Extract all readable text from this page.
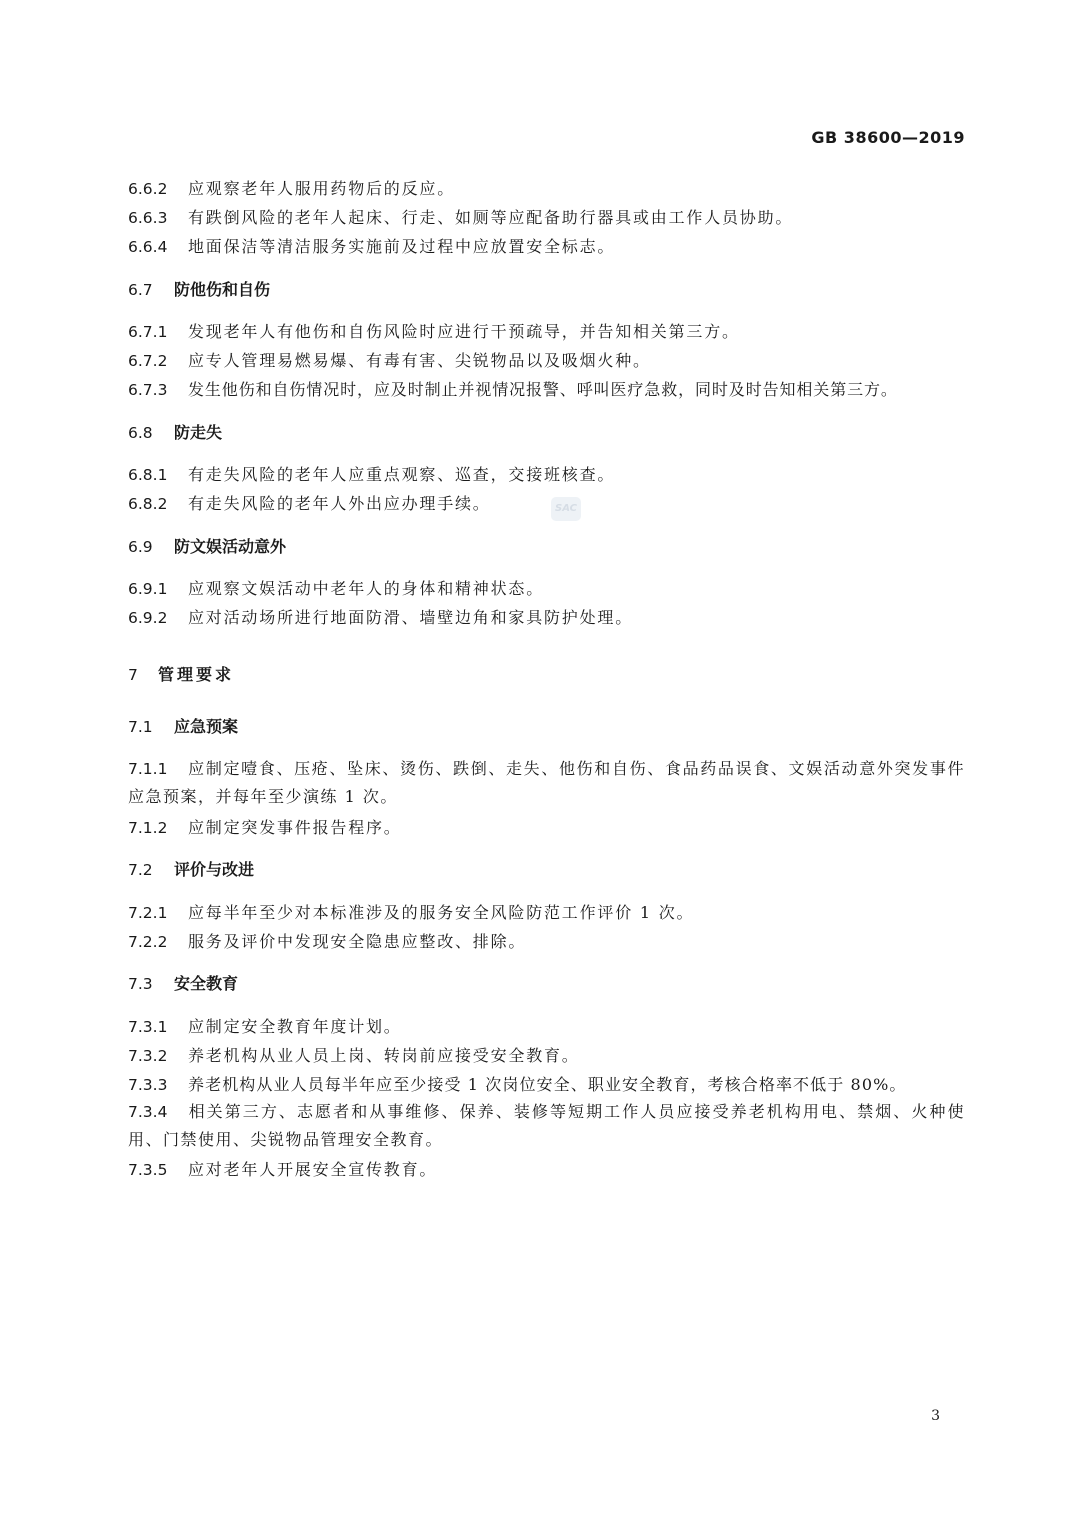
GB 38600—2019
6.6.2 应观察老年人服用药物后的反应。
6.6.3 有跌倒风险的老年人起床、行走、如厕等应配备助行器具或由工作人员协助。
6.6.4 地面保洁等清洁服务实施前及过程中应放置安全标志。
6.7 防他伤和自伤
6.7.1 发现老年人有他伤和自伤风险时应进行干预疏导，并告知相关第三方。
6.7.2 应专人管理易燃易爆、有毒有害、尖锐物品以及吸烟火种。
6.7.3 发生他伤和自伤情况时，应及时制止并视情况报警、呼叫医疗急救，同时及时告知相关第三方。
6.8 防走失
6.8.1 有走失风险的老年人应重点观察、巡查，交接班核查。
6.8.2 有走失风险的老年人外出应办理手续。
6.9 防文娱活动意外
6.9.1 应观察文娱活动中老年人的身体和精神状态。
6.9.2 应对活动场所进行地面防滑、墙壁边角和家具防护处理。
7 管理要求
7.1 应急预案
7.1.1 应制定噎食、压疮、坠床、烫伤、跌倒、走失、他伤和自伤、食品药品误食、文娱活动意外突发事件应急预案，并每年至少演练 1 次。
7.1.2 应制定突发事件报告程序。
7.2 评价与改进
7.2.1 应每半年至少对本标准涉及的服务安全风险防范工作评价 1 次。
7.2.2 服务及评价中发现安全隐患应整改、排除。
7.3 安全教育
7.3.1 应制定安全教育年度计划。
7.3.2 养老机构从业人员上岗、转岗前应接受安全教育。
7.3.3 养老机构从业人员每半年应至少接受 1 次岗位安全、职业安全教育，考核合格率不低于 80%。
7.3.4 相关第三方、志愿者和从事维修、保养、装修等短期工作人员应接受养老机构用电、禁烟、火种使用、门禁使用、尖锐物品管理安全教育。
7.3.5 应对老年人开展安全宣传教育。
SAC
3
